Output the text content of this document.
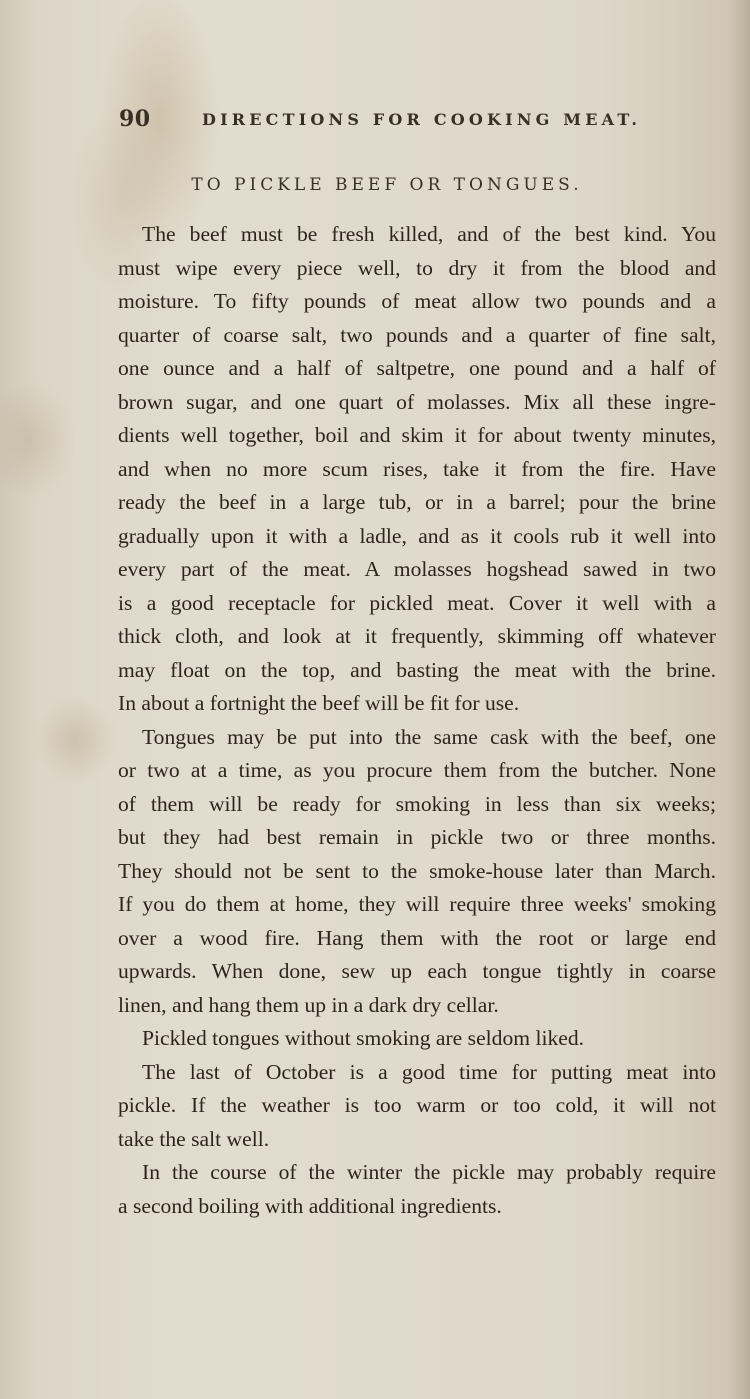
90	DIRECTIONS FOR COOKING MEAT.
TO PICKLE BEEF OR TONGUES.
The beef must be fresh killed, and of the best kind. You
must wipe every piece well, to dry it from the blood and
moisture. To fifty pounds of meat allow two pounds and a
quarter of coarse salt, two pounds and a quarter of fine salt,
one ounce and a half of saltpetre, one pound and a half of
brown sugar, and one quart of molasses. Mix all these ingre-
dients well together, boil and skim it for about twenty minutes,
and when no more scum rises, take it from the fire. Have
ready the beef in a large tub, or in a barrel; pour the brine
gradually upon it with a ladle, and as it cools rub it well into
every part of the meat. A molasses hogshead sawed in two
is a good receptacle for pickled meat. Cover it well with a
thick cloth, and look at it frequently, skimming off whatever
may float on the top, and basting the meat with the brine.
In about a fortnight the beef will be fit for use.
Tongues may be put into the same cask with the beef, one
or two at a time, as you procure them from the butcher. None
of them will be ready for smoking in less than six weeks;
but they had best remain in pickle two or three months.
They should not be sent to the smoke-house later than March.
If you do them at home, they will require three weeks' smoking
over a wood fire. Hang them with the root or large end
upwards. When done, sew up each tongue tightly in coarse
linen, and hang them up in a dark dry cellar.
Pickled tongues without smoking are seldom liked.
The last of October is a good time for putting meat into
pickle. If the weather is too warm or too cold, it will not
take the salt well.
In the course of the winter the pickle may probably require
a second boiling with additional ingredients.
